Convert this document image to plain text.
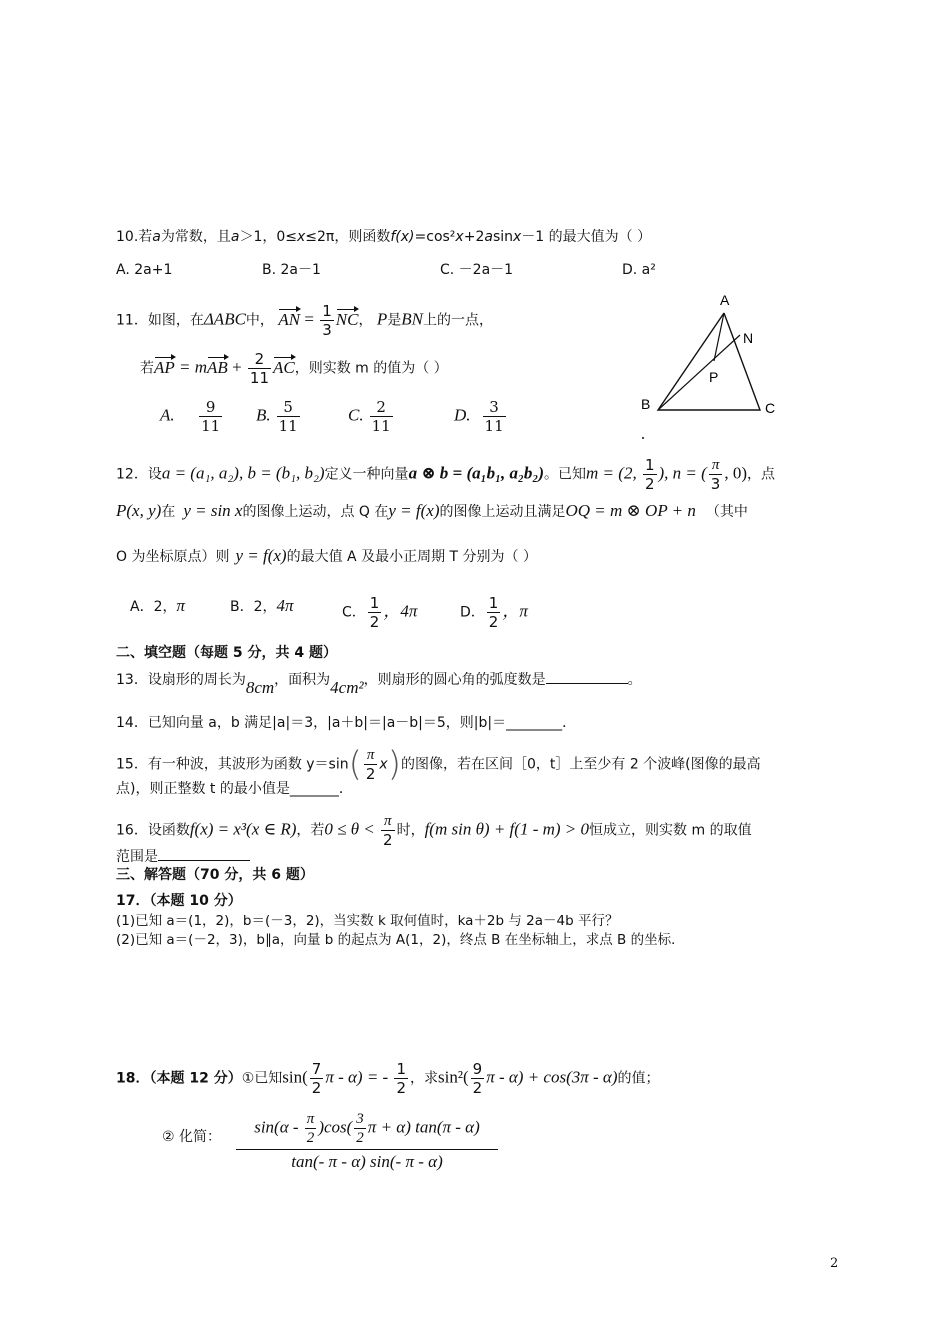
10.若a为常数，且a＞1，0≤x≤2π，则函数f(x)=cos²x+2asinx－1 的最大值为（ ）
A. 2a+1	B. 2a－1	C. －2a－1	D. a²
11．如图，在ΔABC中， AN = $\frac{1}{3}$ NC， P是BN上的一点，
若AP = mAB + $\frac{2}{11}$ AC，则实数 m 的值为（ ）
A. $\frac{9}{11} B$. $\frac{5}{11}$	C. $\frac{2}{11}$	D. $\frac{3}{11}$
A
N
P
B	C
12．设a = (a₁, a₂), b = (b₁, b₂)定义一种向量a ⊗ b = (a₁b₁, a₂b₂)。已知m = (2, $\frac{1}{2}$ ), n = ( $\frac{\pi}{3}$ , 0)，点
P(x, y)在 y = sin x的图像上运动，点 Q 在y = f(x)的图像上运动且满足OQ = m ⊗ OP + n （其中
O 为坐标原点）则 y = f(x)的最大值 A 及最小正周期 T 分别为（ ）
A．2，π	B．2，4π	C． $\frac{1}{2}$ ，4π	D． $\frac{1}{2}$ ，π
二、填空题（每题 5 分，共 4 题）
13．设扇形的周长为8cm，面积为4cm²，则扇形的圆心角的弧度数是	。
14．已知向量 a，b 满足|a|＝3，|a＋b|＝|a－b|＝5，则|b|＝________．
15．有一种波，其波形为函数 $y=\sin( \frac{\pi}{2} x)$的图像，若在区间［0，t］上至少有 2 个波峰(图像的最高
点)，则正整数 t 的最小值是_______．
16．设函数f(x) = x³(x ∈ R)，若$0 \le \theta < \frac{\pi}{2}$ 时，f(m sin θ) + f(1 - m) > 0恒成立，则实数 m 的取值
范围是
三、解答题（70 分，共 6 题）
17．（本题 10 分）
(1)已知 a＝(1，2)，b＝(－3，2)，当实数 k 取何值时，ka＋2b 与 2a－4b 平行？
(2)已知 a＝(－2，3)，b∥a，向量 b 的起点为 A(1，2)，终点 B 在坐标轴上，求点 B 的坐标．
18．（本题 12 分）①已知$\sin( \frac{7}{2}$ π - α) = - $\frac{1}{2}$ ，求$\sin^2( \frac{9}{2}$ π - α) + cos(3π - α)的值；
② 化简：
$\sin(\alpha - \frac{\pi}{2} )\cos( \frac{3}{2}$ π + α) tan(π - α)
tan(- π - α) sin(- π - α)
2
